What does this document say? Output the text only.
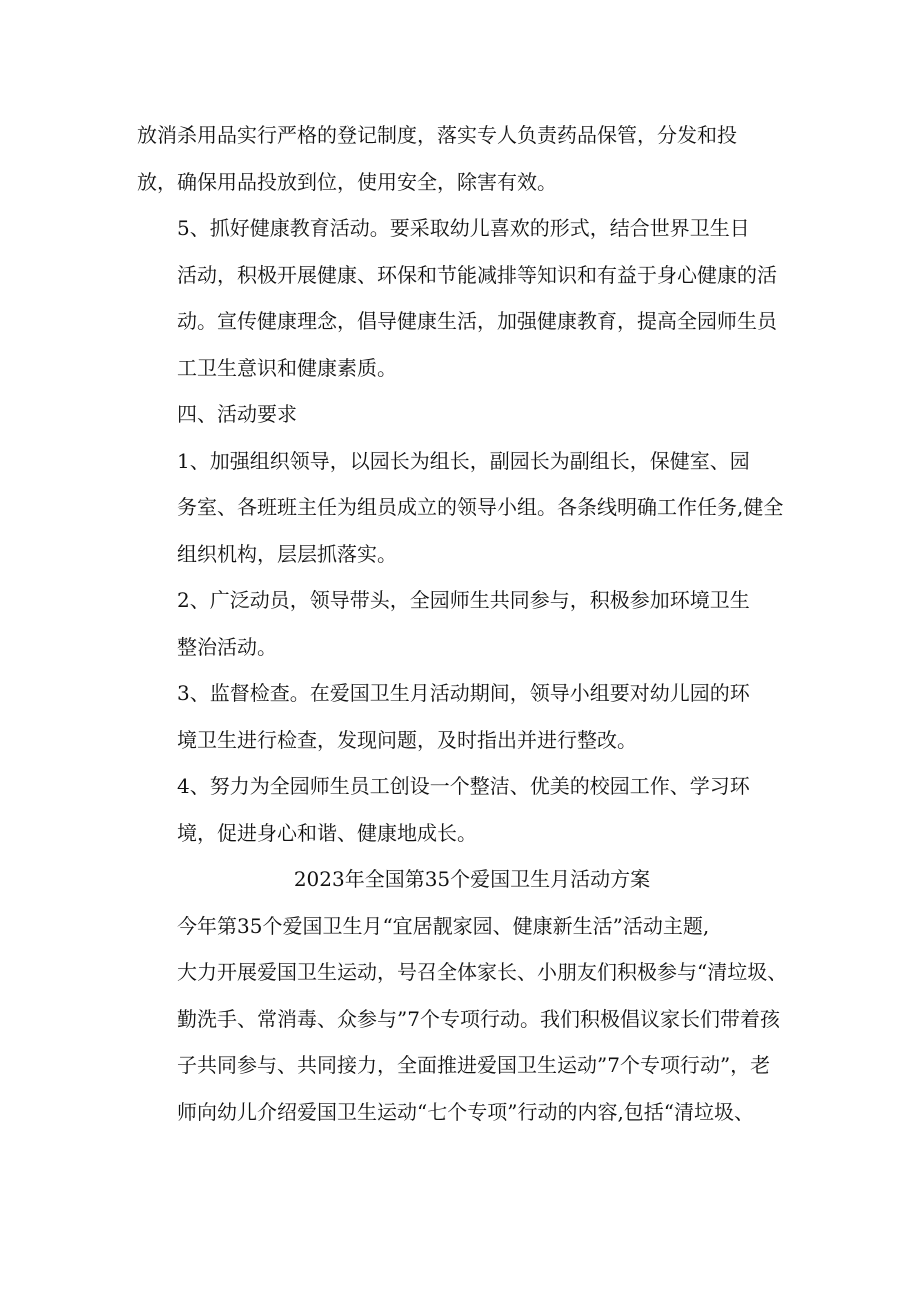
放消杀用品实行严格的登记制度，落实专人负责药品保管，分发和投
放，确保用品投放到位，使用安全，除害有效。

5、抓好健康教育活动。要采取幼儿喜欢的形式，结合世界卫生日
活动，积极开展健康、环保和节能减排等知识和有益于身心健康的活
动。宣传健康理念，倡导健康生活，加强健康教育，提高全园师生员
工卫生意识和健康素质。

四、活动要求

1、加强组织领导，以园长为组长，副园长为副组长，保健室、园
务室、各班班主任为组员成立的领导小组。各条线明确工作任务,健全
组织机构，层层抓落实。

2、广泛动员，领导带头，全园师生共同参与，积极参加环境卫生
整治活动。

3、监督检查。在爱国卫生月活动期间，领导小组要对幼儿园的环
境卫生进行检查，发现问题，及时指出并进行整改。

4、努力为全园师生员工创设一个整洁、优美的校园工作、学习环
境，促进身心和谐、健康地成长。

2023年全国第35个爱国卫生月活动方案

今年第35个爱国卫生月“宜居靓家园、健康新生活”活动主题,
大力开展爱国卫生运动，号召全体家长、小朋友们积极参与“清垃圾、
勤洗手、常消毒、众参与”7个专项行动。我们积极倡议家长们带着孩
子共同参与、共同接力，全面推进爱国卫生运动”7个专项行动”，老
师向幼儿介绍爱国卫生运动“七个专项”行动的内容,包括“清垃圾、
